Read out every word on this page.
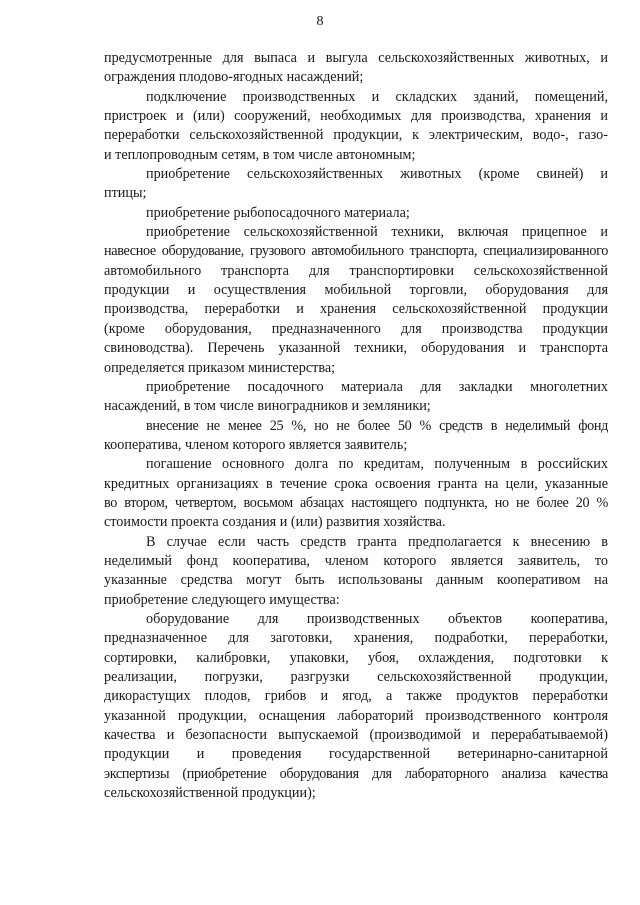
8
предусмотренные для выпаса и выгула сельскохозяйственных животных, и
ограждения плодово-ягодных насаждений;
подключение производственных и складских зданий, помещений,
пристроек и (или) сооружений, необходимых для производства, хранения и
переработки сельскохозяйственной продукции, к электрическим, водо-, газо-
и теплопроводным сетям, в том числе автономным;
приобретение сельскохозяйственных животных (кроме свиней) и
птицы;
приобретение рыбопосадочного материала;
приобретение сельскохозяйственной техники, включая прицепное и
навесное оборудование, грузового автомобильного транспорта, специализированного
автомобильного транспорта для транспортировки сельскохозяйственной
продукции и осуществления мобильной торговли, оборудования для
производства, переработки и хранения сельскохозяйственной продукции
(кроме оборудования, предназначенного для производства продукции
свиноводства). Перечень указанной техники, оборудования и транспорта
определяется приказом министерства;
приобретение посадочного материала для закладки многолетних
насаждений, в том числе виноградников и земляники;
внесение не менее 25 %, но не более 50 % средств в неделимый фонд
кооператива, членом которого является заявитель;
погашение основного долга по кредитам, полученным в российских
кредитных организациях в течение срока освоения гранта на цели, указанные
во втором, четвертом, восьмом абзацах настоящего подпункта, но не более 20 %
стоимости проекта создания и (или) развития хозяйства.
В случае если часть средств гранта предполагается к внесению в
неделимый фонд кооператива, членом которого является заявитель, то
указанные средства могут быть использованы данным кооперативом на
приобретение следующего имущества:
оборудование для производственных объектов кооператива,
предназначенное для заготовки, хранения, подработки, переработки,
сортировки, калибровки, упаковки, убоя, охлаждения, подготовки к
реализации, погрузки, разгрузки сельскохозяйственной продукции,
дикорастущих плодов, грибов и ягод, а также продуктов переработки
указанной продукции, оснащения лабораторий производственного контроля
качества и безопасности выпускаемой (производимой и перерабатываемой)
продукции и проведения государственной ветеринарно-санитарной
экспертизы (приобретение оборудования для лабораторного анализа качества
сельскохозяйственной продукции);
